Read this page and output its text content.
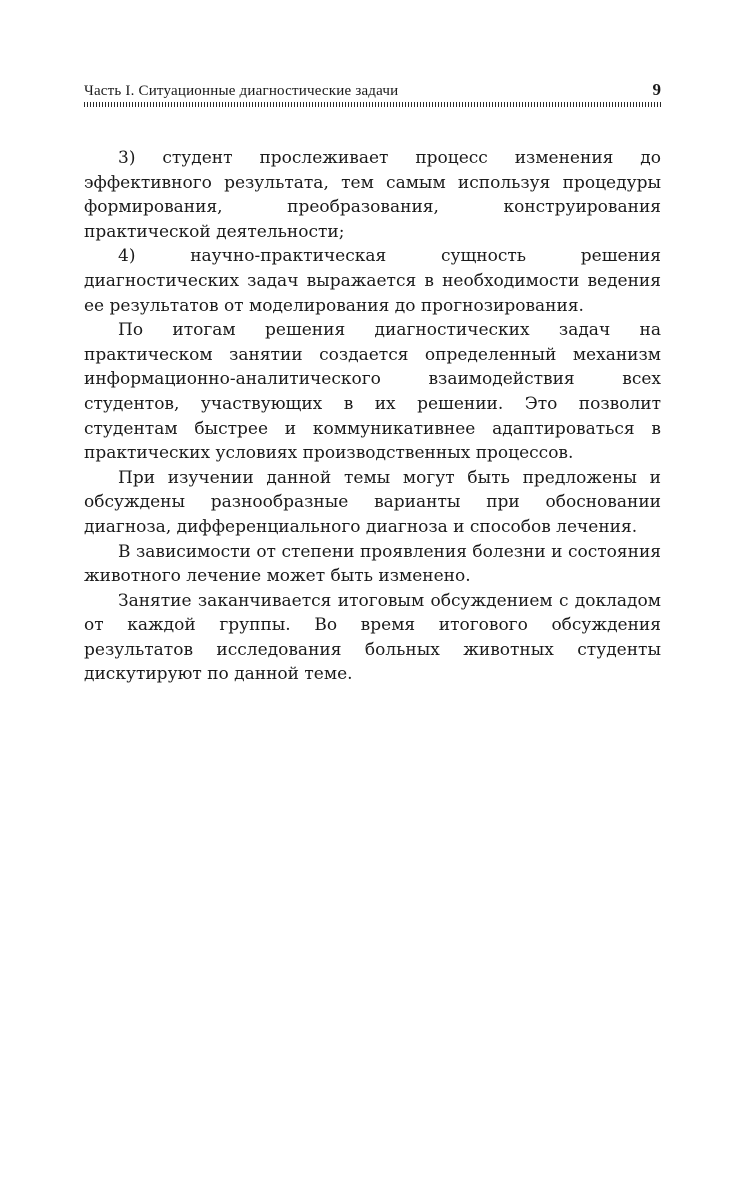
Часть I. Ситуационные диагностические задачи	9

3) студент прослеживает процесс изменения до эффективного результата, тем самым используя процедуры формирования, преобразования, конструирования практической деятельности;

4) научно-практическая сущность решения диагностических задач выражается в необходимости ведения ее результатов от моделирования до прогнозирования.

По итогам решения диагностических задач на практическом занятии создается определенный механизм информационно-аналитического взаимодействия всех студентов, участвующих в их решении. Это позволит студентам быстрее и коммуникативнее адаптироваться в практических условиях производственных процессов.

При изучении данной темы могут быть предложены и обсуждены разнообразные варианты при обосновании диагноза, дифференциального диагноза и способов лечения.

В зависимости от степени проявления болезни и состояния животного лечение может быть изменено.

Занятие заканчивается итоговым обсуждением с докладом от каждой группы. Во время итогового обсуждения результатов исследования больных животных студенты дискутируют по данной теме.
